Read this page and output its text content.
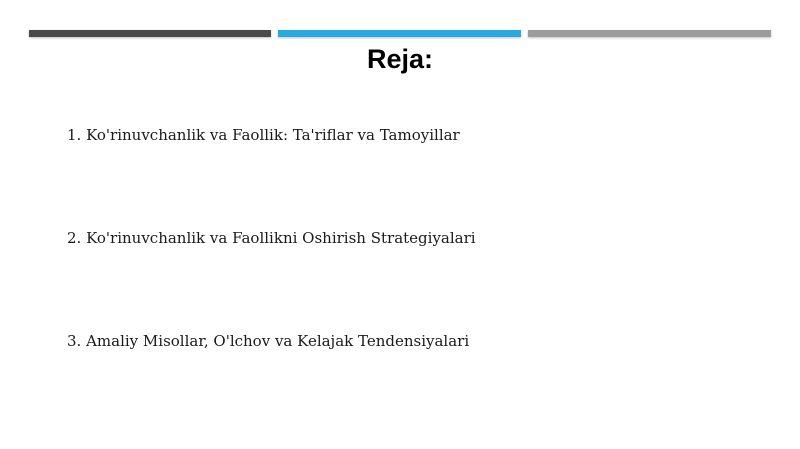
Reja:
1. Ko'rinuvchanlik va Faollik: Ta'riflar va Tamoyillar
2. Ko'rinuvchanlik va Faollikni Oshirish Strategiyalari
3. Amaliy Misollar, O'lchov va Kelajak Tendensiyalari
